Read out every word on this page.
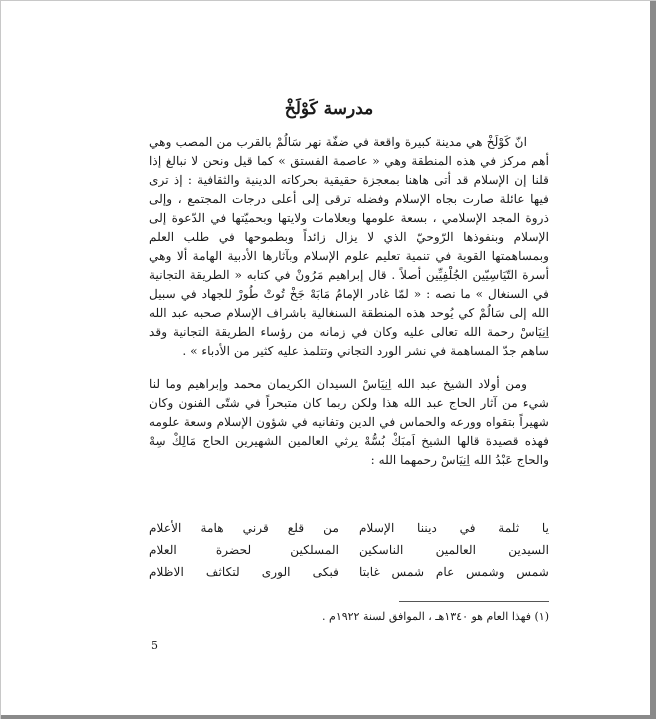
مدرسة كَوْلَخْ

انّ كَوْلَخْ هي مدينة كبيرة واقعة في ضفّة نهر سَالُمْ بالقرب من المصب وهي أهم مركز في هذه المنطقة وهي « عاصمة الفستق » كما قيل ونحن لا نبالغ إذا قلنا إن الإسلام قد أتى هاهنا بمعجزة حقيقية بحركاته الدينية والثقافية : إذ ترى فيها عائلة صارت بجاه الإسلام وفضله ترقى إلى أعلى درجات المجتمع ، وإلى ذروة المجد الإسلامي ، بسعة علومها وبعلامات ولايتها وبحميّتها في الدّعوة إلى الإسلام وبنفوذها الرّوحيّ الذي لا يزال زائداً وبطموحها في طلب العلم وبمساهمتها القوية في تنمية تعليم علوم الإسلام وبآثارها الأدبية الهامة ألا وهي أسرة التّيَاسِيّين الجُلْفِيِّين أصلاً . قال إبراهيم مَرُونْ في كتابه « الطريقة التجانية في السنغال » ما نصه : « لمّا غادر الإمامُ مَابَهْ جَخْ تُوتْ طُورْ للجهاد في سبيل الله إلى سَالُمْ كي يُوحد هذه المنطقة السنغالية باشراف الإسلام صحبه عبد الله اِنِيَاسْ رحمة الله تعالى عليه وكان في زمانه من رؤساء الطريقة التجانية وقد ساهم جدّ المساهمة في نشر الورد التجاني وتتلمذ عليه كثير من الأدباء » .

ومن أولاد الشيخ عبد الله اِنِيَاسْ السيدان الكريمان محمد وإبراهيم وما لنا شيء من آثار الحاج عبد الله هذا ولكن ربما كان متبحراً في شتّى الفنون وكان شهيراً بتقواه وورعه والحماس في الدين وتفانيه في شؤون الإسلام وسعة علومه فهذه قصيدة قالها الشيخ اَمبَكْ بُسُّهْ يرثي العالمين الشهيرين الحاج مَالِكْ سِهْ والحاج عَبْدُ الله اِنِيَاسْ رحمهما الله :

يا ثلمة في ديننا الإسلام
من قلع قرني هامة الأعلام
السيدين العالمين الناسكين
المسلكين لحضرة العلام
شمس وشمس عام شمس غابتا
فبكى الورى لتكاثف الاظلام
(١) فهذا العام هو ١٣٤٠هـ ، الموافق لسنة ١٩٢٢م .
5
